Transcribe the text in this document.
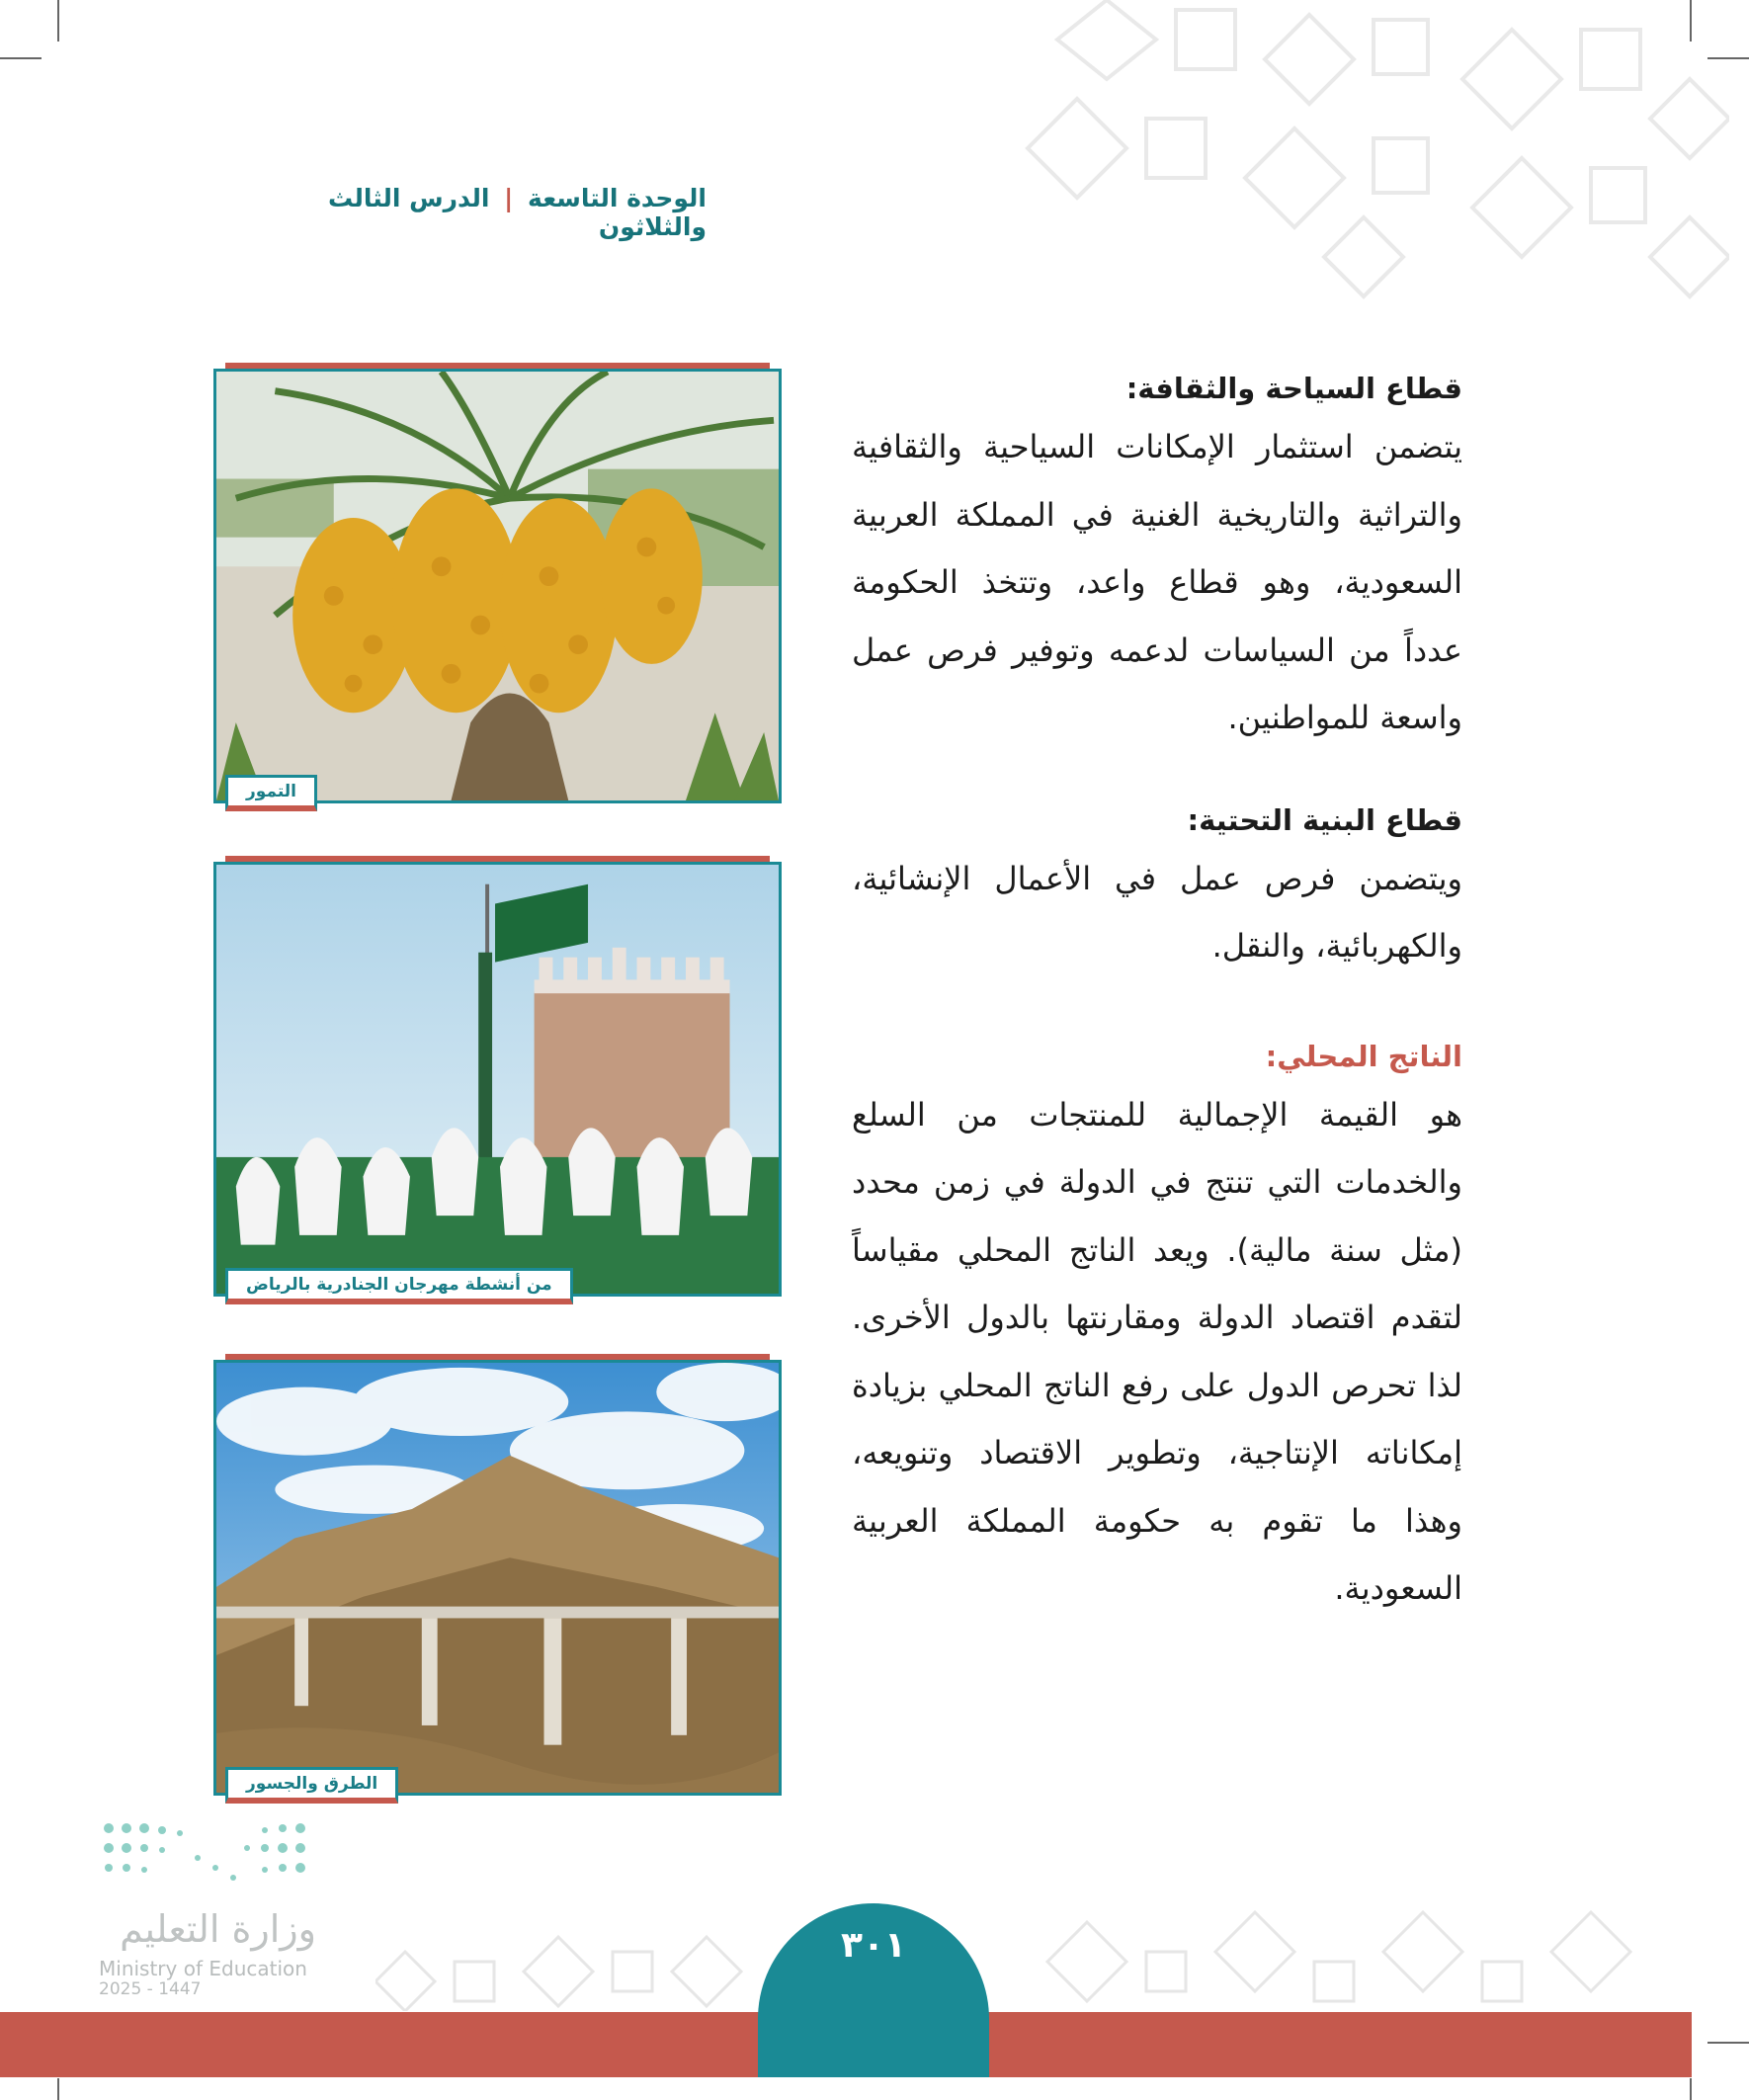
الوحدة التاسعة | الدرس الثالث والثلاثون
قطاع السياحة والثقافة:

يتضمن استثمار الإمكانات السياحية والثقافية والتراثية والتاريخية الغنية في المملكة العربية السعودية، وهو قطاع واعد، وتتخذ الحكومة عدداً من السياسات لدعمه وتوفير فرص عمل واسعة للمواطنين.

قطاع البنية التحتية:

ويتضمن فرص عمل في الأعمال الإنشائية، والكهربائية، والنقل.

الناتج المحلي:

هو القيمة الإجمالية للمنتجات من السلع والخدمات التي تنتج في الدولة في زمن محدد (مثل سنة مالية). ويعد الناتج المحلي مقياساً لتقدم اقتصاد الدولة ومقارنتها بالدول الأخرى. لذا تحرص الدول على رفع الناتج المحلي بزيادة إمكاناته الإنتاجية، وتطوير الاقتصاد وتنويعه، وهذا ما تقوم به حكومة المملكة العربية السعودية.

التمور
من أنشطة مهرجان الجنادرية بالرياض
الطرق والجسور
وزارة التعليم
Ministry of Education
2025 - 1447
٣٠١
